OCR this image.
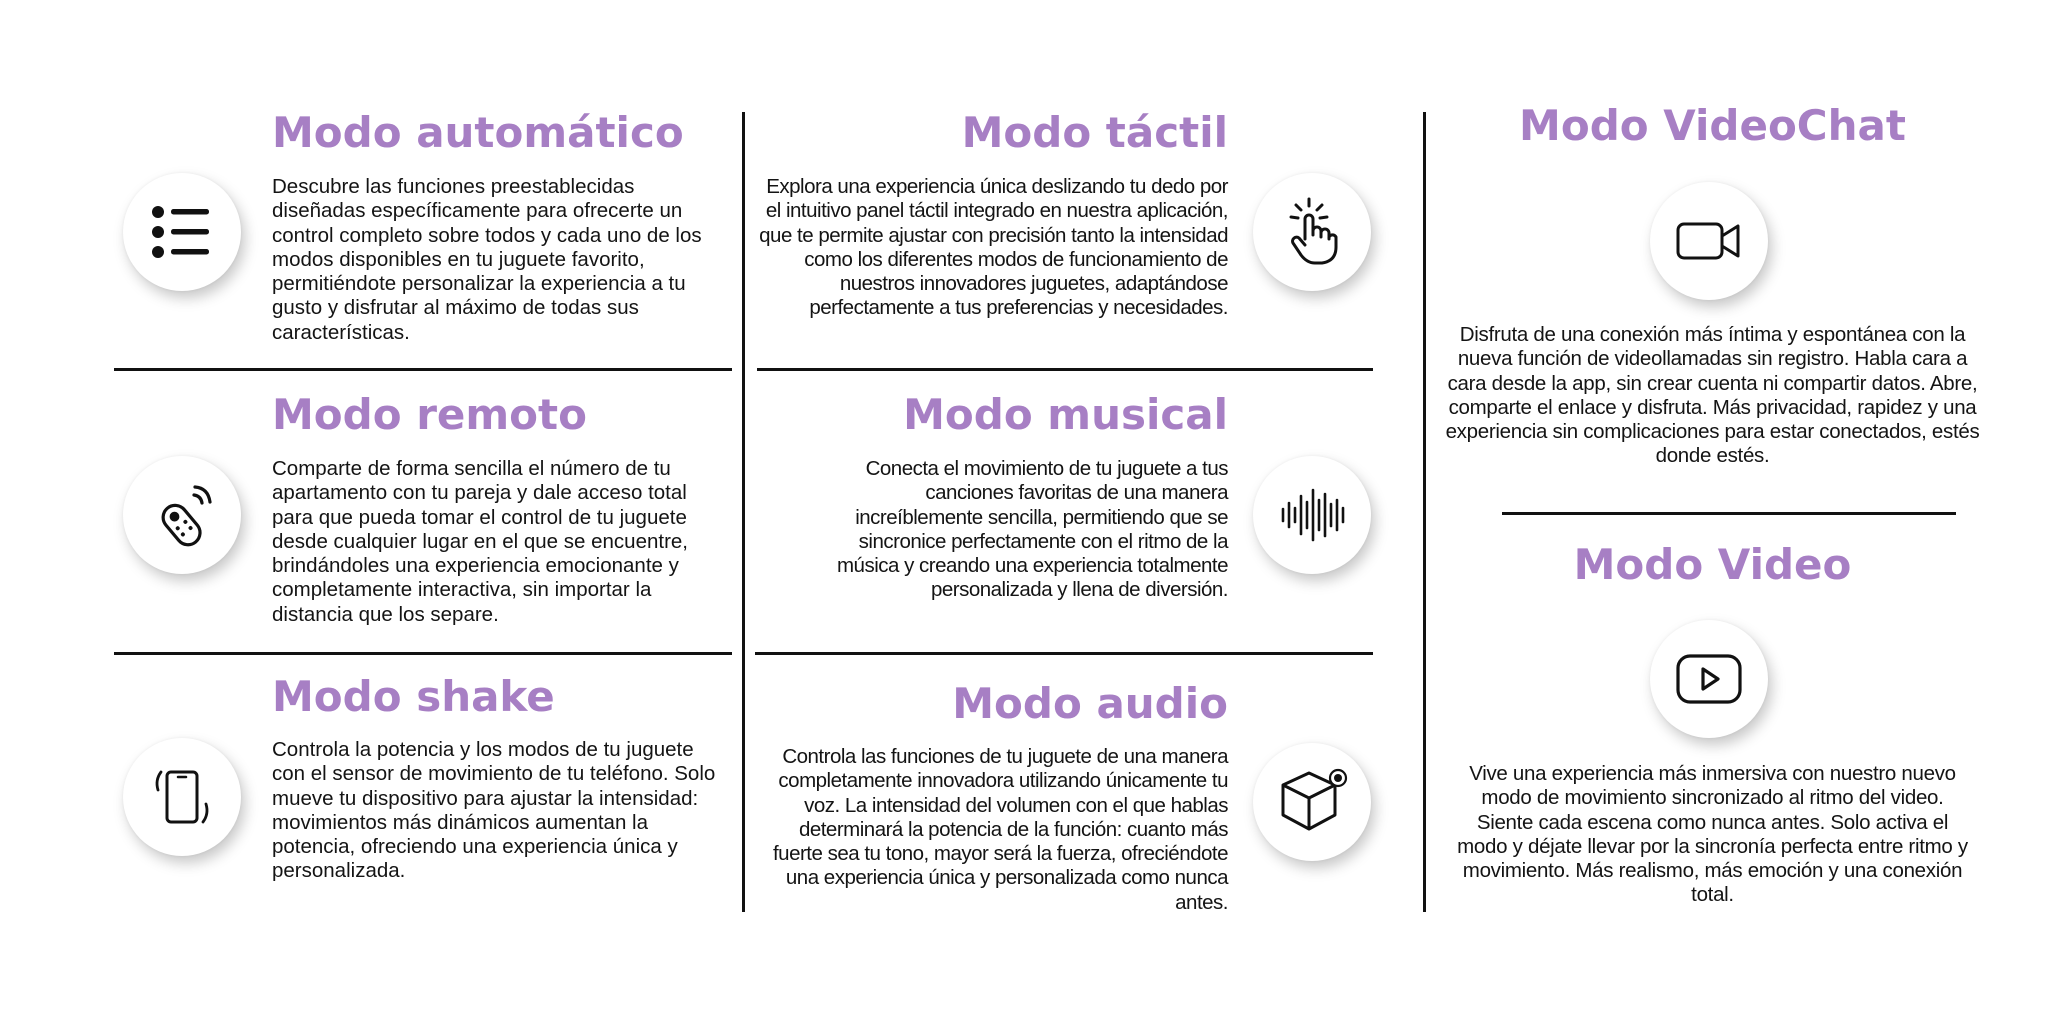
Modo automático

Descubre las funciones preestablecidas diseñadas específicamente para ofrecerte un control completo sobre todos y cada uno de los modos disponibles en tu juguete favorito, permitiéndote personalizar la experiencia a tu gusto y disfrutar al máximo de todas sus características.

Modo remoto

Comparte de forma sencilla el número de tu apartamento con tu pareja y dale acceso total para que pueda tomar el control de tu juguete desde cualquier lugar en el que se encuentre, brindándoles una experiencia emocionante y completamente interactiva, sin importar la distancia que los separe.

Modo shake

Controla la potencia y los modos de tu juguete con el sensor de movimiento de tu teléfono. Solo mueve tu dispositivo para ajustar la intensidad: movimientos más dinámicos aumentan la potencia, ofreciendo una experiencia única y personalizada.

Modo táctil

Explora una experiencia única deslizando tu dedo por el intuitivo panel táctil integrado en nuestra aplicación, que te permite ajustar con precisión tanto la intensidad como los diferentes modos de funcionamiento de nuestros innovadores juguetes, adaptándose perfectamente a tus preferencias y necesidades.

Modo musical

Conecta el movimiento de tu juguete a tus canciones favoritas de una manera increíblemente sencilla, permitiendo que se sincronice perfectamente con el ritmo de la música y creando una experiencia totalmente personalizada y llena de diversión.

Modo audio

Controla las funciones de tu juguete de una manera completamente innovadora utilizando únicamente tu voz. La intensidad del volumen con el que hablas determinará la potencia de la función: cuanto más fuerte sea tu tono, mayor será la fuerza, ofreciéndote una experiencia única y personalizada como nunca antes.

Modo VideoChat

Disfruta de una conexión más íntima y espontánea con la nueva función de videollamadas sin registro. Habla cara a cara desde la app, sin crear cuenta ni compartir datos. Abre, comparte el enlace y disfruta. Más privacidad, rapidez y una experiencia sin complicaciones para estar conectados, estés donde estés.

Modo Video

Vive una experiencia más inmersiva con nuestro nuevo modo de movimiento sincronizado al ritmo del video. Siente cada escena como nunca antes. Solo activa el modo y déjate llevar por la sincronía perfecta entre ritmo y movimiento. Más realismo, más emoción y una conexión total.
